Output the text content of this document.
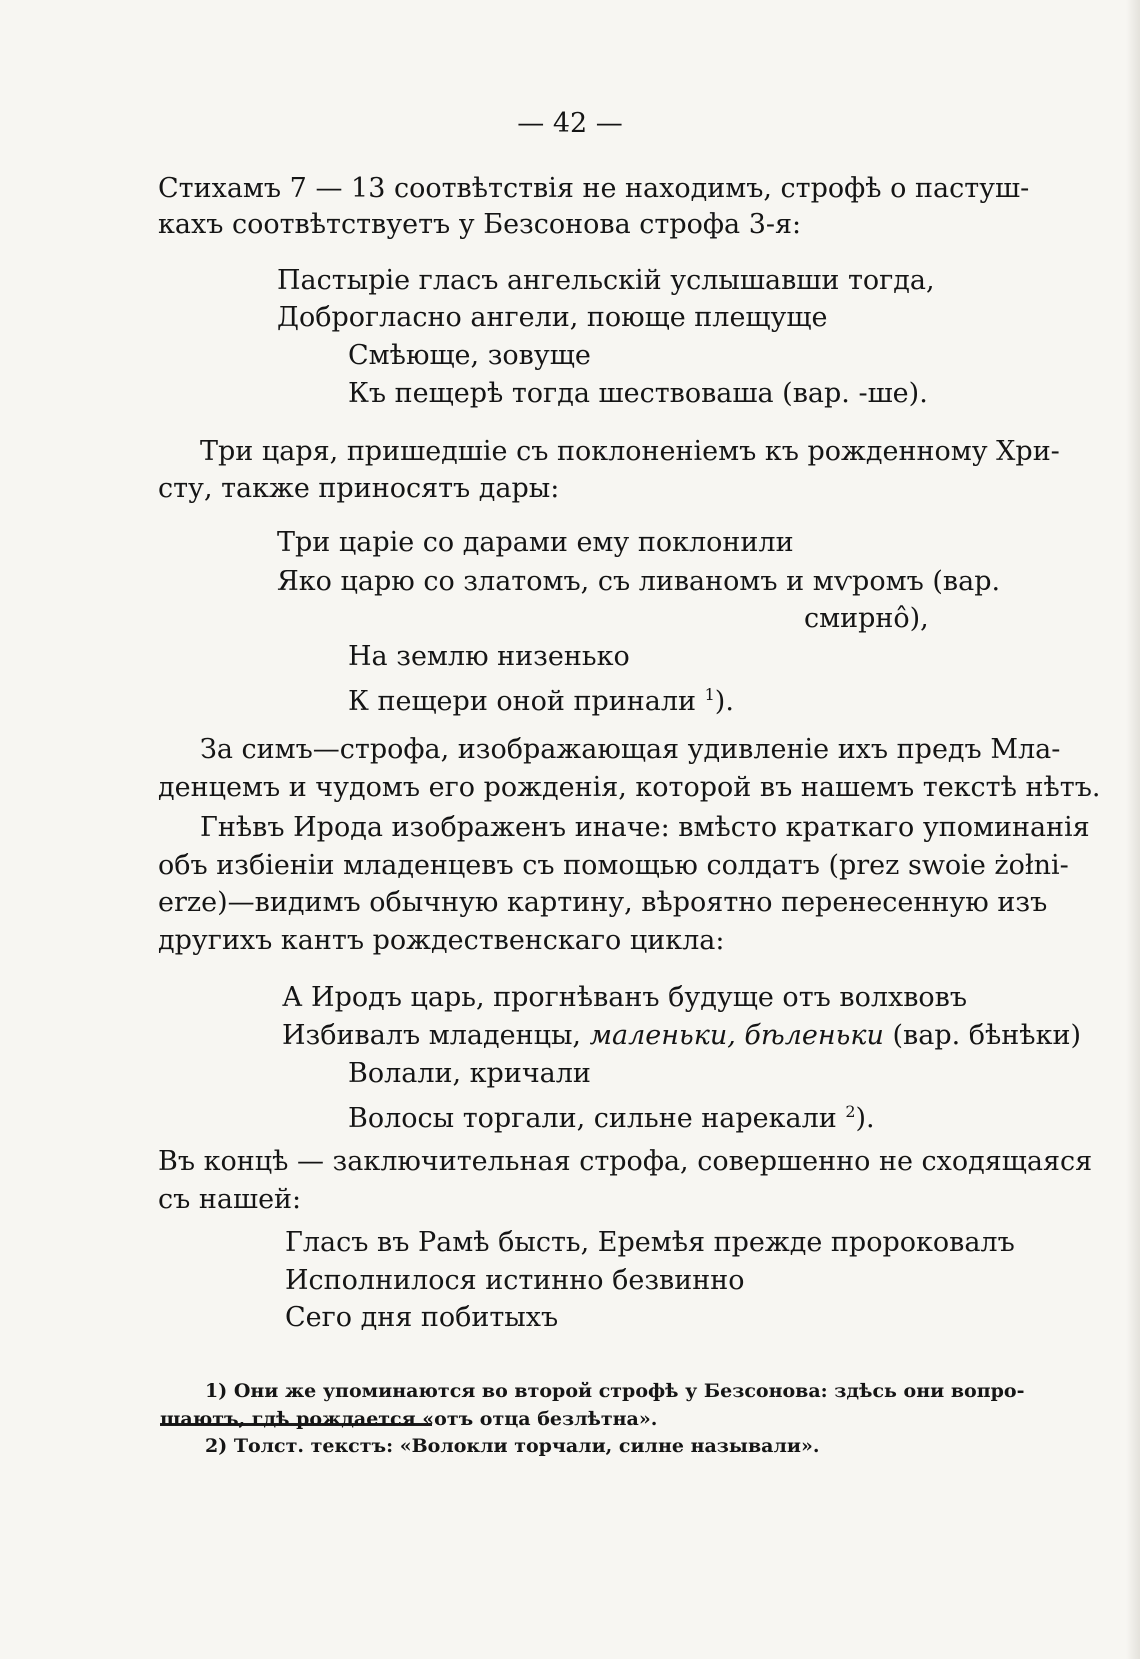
— 42 —
Стихамъ 7 — 13 соотвѣтствія не находимъ, строфѣ о пастуш-
кахъ соотвѣтствуетъ у Безсонова строфа 3-я:
Пастыріе гласъ ангельскій услышавши тогда,
Доброгласно ангели, поюще плещуще
Смѣюще, зовуще
Къ пещерѣ тогда шествоваша (вар. -ше).
Три царя, пришедшіе съ поклоненіемъ къ рожденному Хри-
сту, также приносятъ дары:
Три царіе со дарами ему поклонили
Яко царю со златомъ, съ ливаномъ и мѵромъ (вар.
смирнô),
На землю низенько
К пещери оной принали $^1$).
За симъ—строфа, изображающая удивленіе ихъ предъ Мла-
денцемъ и чудомъ его рожденія, которой въ нашемъ текстѣ нѣтъ.
Гнѣвъ Ирода изображенъ иначе: вмѣсто краткаго упоминанія
объ избіеніи младенцевъ съ помощью солдатъ (prez swoie żołni-
erze)—видимъ обычную картину, вѣроятно перенесенную изъ
другихъ кантъ рождественскаго цикла:
А Иродъ царь, прогнѣванъ будуще отъ волхвовъ
Избивалъ младенцы, маленьки, бѣленьки (вар. бѣнѣки)
Волали, кричали
Волосы торгали, сильне нарекали $^2$).
Въ концѣ — заключительная строфа, совершенно не сходящаяся
съ нашей:
Гласъ въ Рамѣ бысть, Еремѣя прежде пророковалъ
Исполнилося истинно безвинно
Сего дня побитыхъ
1) Они же упоминаются во второй строфѣ у Безсонова: здѣсь они вопро-
шаютъ, гдѣ рождается «отъ отца безлѣтна».
2) Толст. текстъ: «Волокли торчали, силне называли».
